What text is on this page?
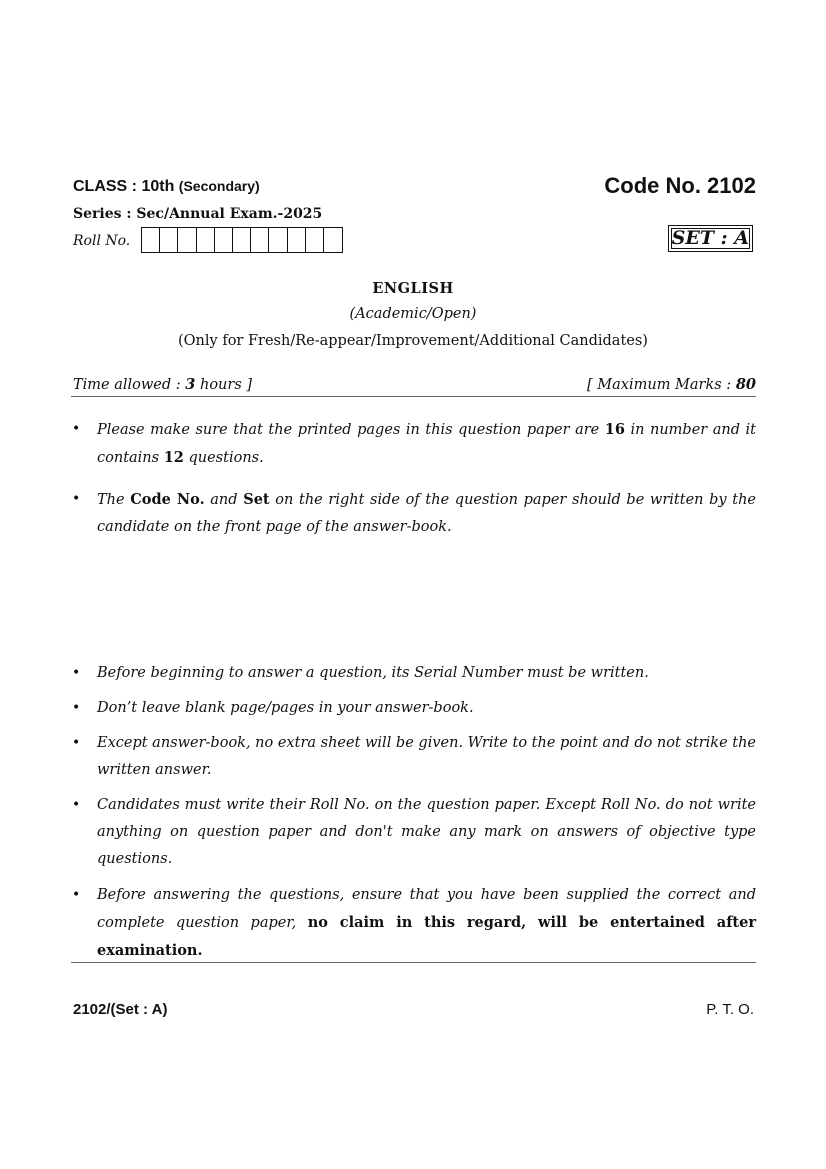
CLASS : 10th (Secondary)	Code No. 2102
Series : Sec/Annual Exam.-2025
Roll No.	SET : A
ENGLISH
(Academic/Open)
(Only for Fresh/Re-appear/Improvement/Additional Candidates)
Time allowed : 3 hours ]	[ Maximum Marks : 80
• Please make sure that the printed pages in this question paper are 16 in number and it contains 12 questions.
• The Code No. and Set on the right side of the question paper should be written by the candidate on the front page of the answer-book.
• Before beginning to answer a question, its Serial Number must be written.
• Don’t leave blank page/pages in your answer-book.
• Except answer-book, no extra sheet will be given. Write to the point and do not strike the written answer.
• Candidates must write their Roll No. on the question paper. Except Roll No. do not write anything on question paper and don't make any mark on answers of objective type questions.
• Before answering the questions, ensure that you have been supplied the correct and complete question paper, no claim in this regard, will be entertained after examination.
2102/(Set : A)	P. T. O.
